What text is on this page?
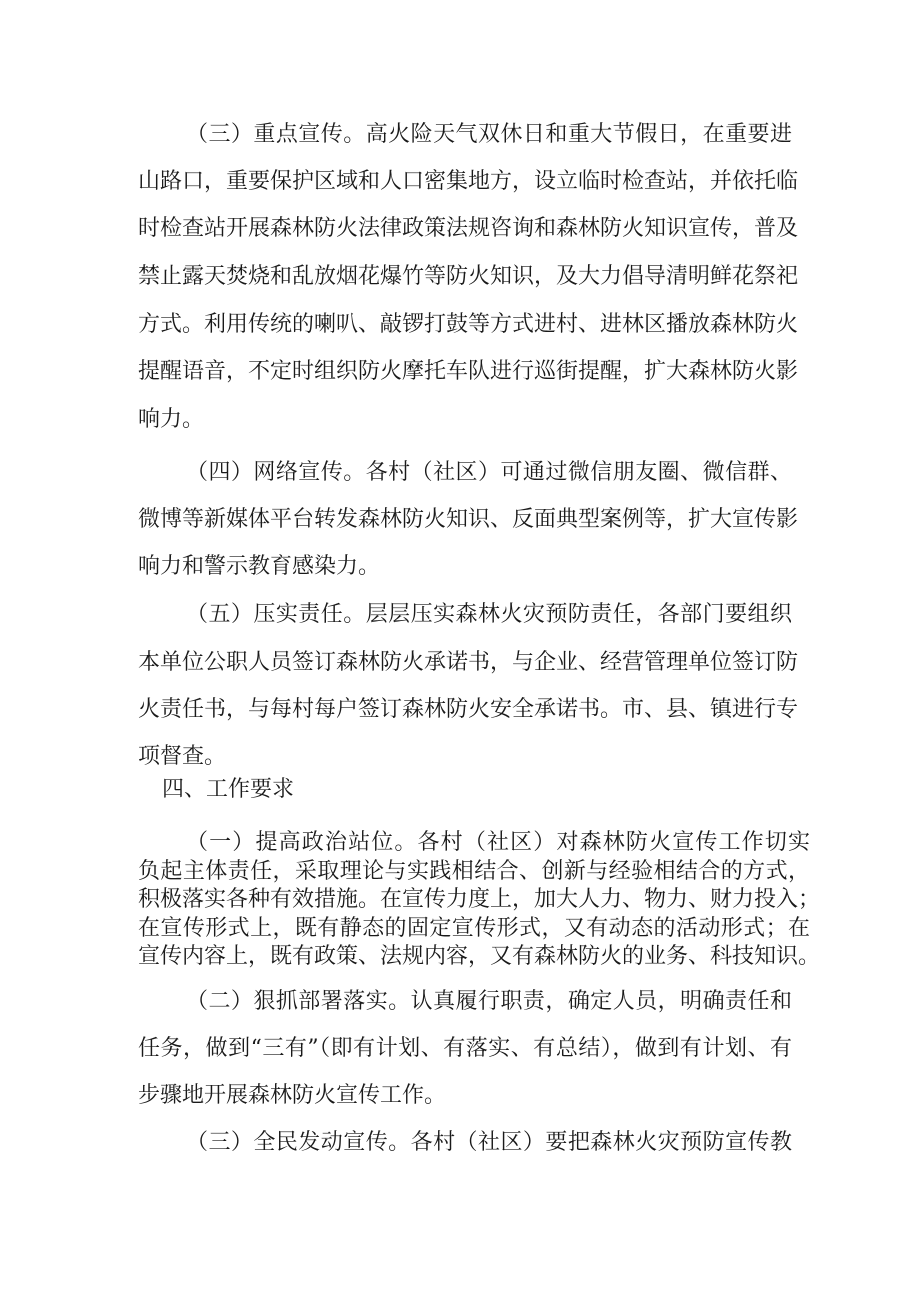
（三）重点宣传。高火险天气双休日和重大节假日，在重要进
山路口，重要保护区域和人口密集地方，设立临时检查站，并依托临
时检查站开展森林防火法律政策法规咨询和森林防火知识宣传，普及
禁止露天焚烧和乱放烟花爆竹等防火知识，及大力倡导清明鲜花祭祀
方式。利用传统的喇叭、敲锣打鼓等方式进村、进林区播放森林防火
提醒语音，不定时组织防火摩托车队进行巡街提醒，扩大森林防火影
响力。
（四）网络宣传。各村（社区）可通过微信朋友圈、微信群、
微博等新媒体平台转发森林防火知识、反面典型案例等，扩大宣传影
响力和警示教育感染力。
（五）压实责任。层层压实森林火灾预防责任，各部门要组织
本单位公职人员签订森林防火承诺书，与企业、经营管理单位签订防
火责任书，与每村每户签订森林防火安全承诺书。市、县、镇进行专
项督查。
四、工作要求
（一）提高政治站位。各村（社区）对森林防火宣传工作切实
负起主体责任，采取理论与实践相结合、创新与经验相结合的方式，
积极落实各种有效措施。在宣传力度上，加大人力、物力、财力投入；
在宣传形式上，既有静态的固定宣传形式，又有动态的活动形式；在
宣传内容上，既有政策、法规内容，又有森林防火的业务、科技知识。
（二）狠抓部署落实。认真履行职责，确定人员，明确责任和
任务，做到“三有”（即有计划、有落实、有总结），做到有计划、有
步骤地开展森林防火宣传工作。
（三）全民发动宣传。各村（社区）要把森林火灾预防宣传教
